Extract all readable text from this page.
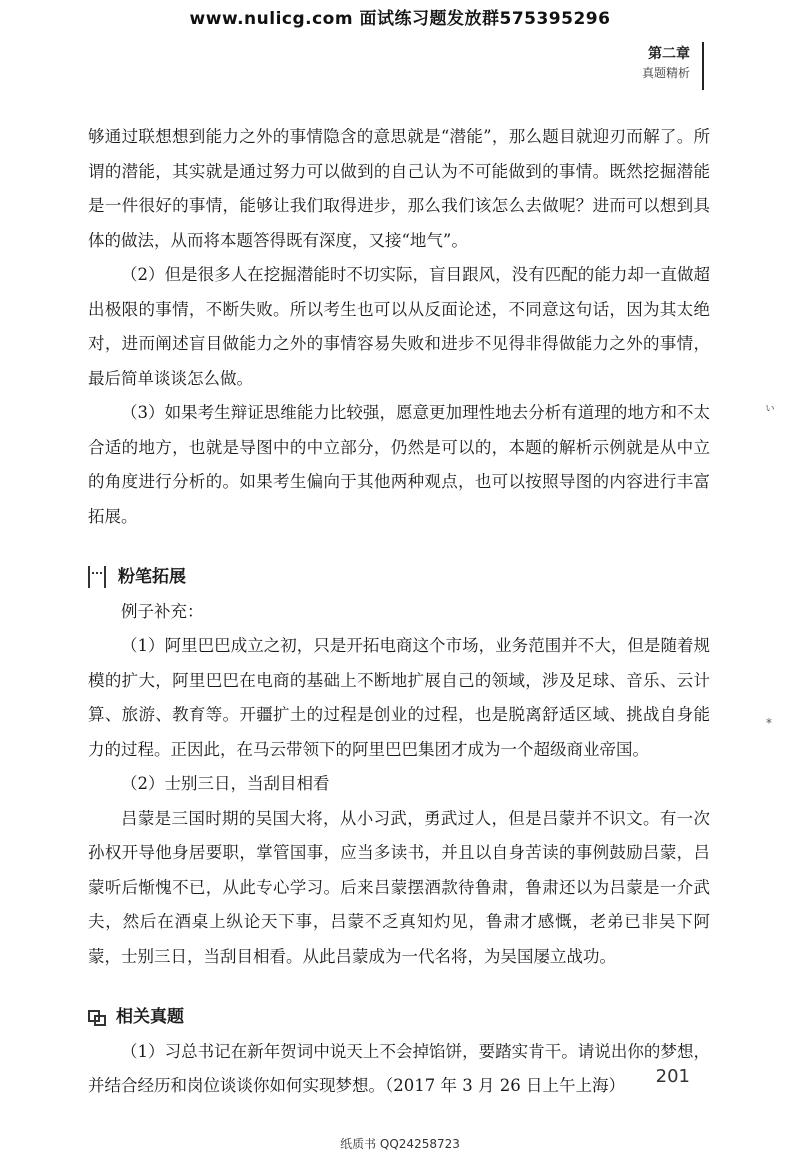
www.nulicg.com 面试练习题发放群575395296
第二章
真题精析
ぃ
*

够通过联想想到能力之外的事情隐含的意思就是“潜能”，那么题目就迎刃而解了。所谓的潜能，其实就是通过努力可以做到的自己认为不可能做到的事情。既然挖掘潜能是一件很好的事情，能够让我们取得进步，那么我们该怎么去做呢？进而可以想到具体的做法，从而将本题答得既有深度，又接“地气”。

（2）但是很多人在挖掘潜能时不切实际，盲目跟风，没有匹配的能力却一直做超出极限的事情，不断失败。所以考生也可以从反面论述，不同意这句话，因为其太绝对，进而阐述盲目做能力之外的事情容易失败和进步不见得非得做能力之外的事情，最后简单谈谈怎么做。

（3）如果考生辩证思维能力比较强，愿意更加理性地去分析有道理的地方和不太合适的地方，也就是导图中的中立部分，仍然是可以的，本题的解析示例就是从中立的角度进行分析的。如果考生偏向于其他两种观点，也可以按照导图的内容进行丰富拓展。

粉笔拓展

例子补充：

（1）阿里巴巴成立之初，只是开拓电商这个市场，业务范围并不大，但是随着规模的扩大，阿里巴巴在电商的基础上不断地扩展自己的领域，涉及足球、音乐、云计算、旅游、教育等。开疆扩土的过程是创业的过程，也是脱离舒适区域、挑战自身能力的过程。正因此，在马云带领下的阿里巴巴集团才成为一个超级商业帝国。

（2）士别三日，当刮目相看

吕蒙是三国时期的吴国大将，从小习武，勇武过人，但是吕蒙并不识文。有一次孙权开导他身居要职，掌管国事，应当多读书，并且以自身苦读的事例鼓励吕蒙，吕蒙听后惭愧不已，从此专心学习。后来吕蒙摆酒款待鲁肃，鲁肃还以为吕蒙是一介武夫，然后在酒桌上纵论天下事，吕蒙不乏真知灼见，鲁肃才感慨，老弟已非吴下阿蒙，士别三日，当刮目相看。从此吕蒙成为一代名将，为吴国屡立战功。

相关真题

（1）习总书记在新年贺词中说天上不会掉馅饼，要踏实肯干。请说出你的梦想，并结合经历和岗位谈谈你如何实现梦想。（2017 年 3 月 26 日上午上海）	201
纸质书 QQ24258723
